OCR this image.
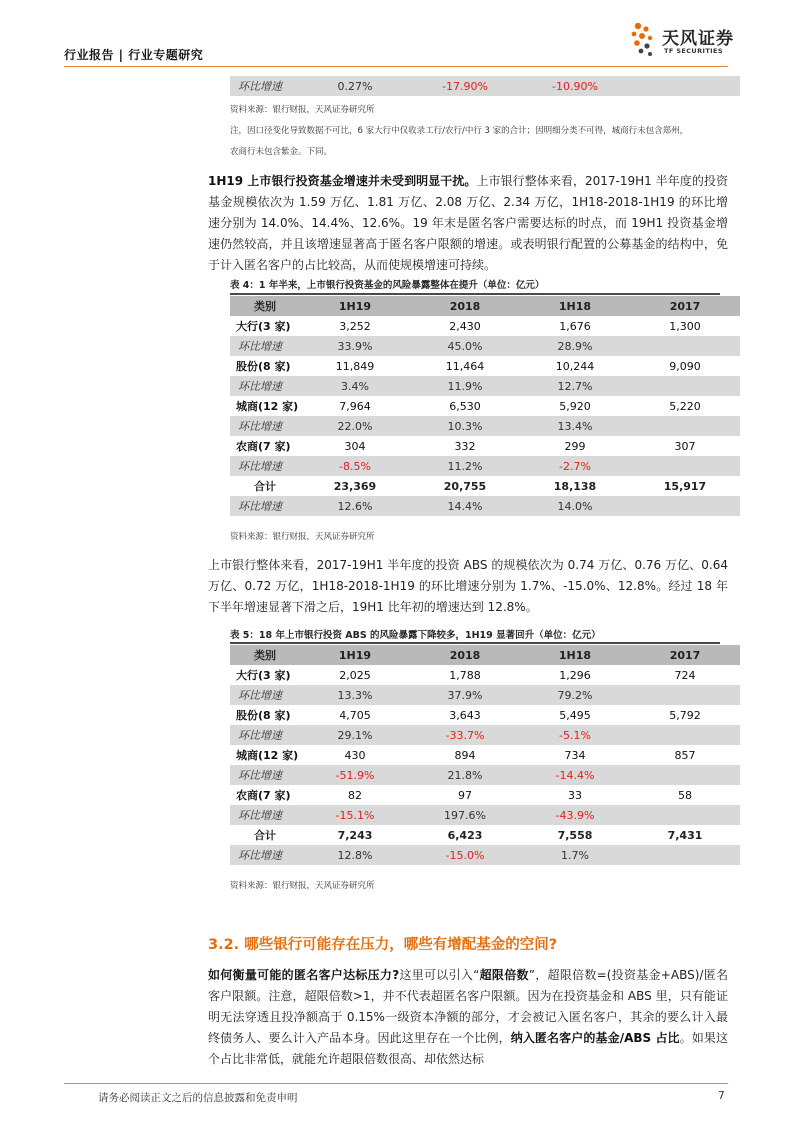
行业报告 | 行业专题研究
天风证券
TF SECURITIES
环比增速	0.27%	-17.90%	-10.90%	
资料来源：银行财报，天风证券研究所
注，因口径变化导致数据不可比，6 家大行中仅收录工行/农行/中行 3 家的合计；因明细分类不可得，城商行未包含郑州，
农商行未包含紫金。下同。
1H19 上市银行投资基金增速并未受到明显干扰。上市银行整体来看，2017-19H1 半年度的投资基金规模依次为 1.59 万亿、1.81 万亿、2.08 万亿、2.34 万亿，1H18-2018-1H19 的环比增速分别为 14.0%、14.4%、12.6%。19 年末是匿名客户需要达标的时点，而 19H1 投资基金增速仍然较高，并且该增速显著高于匿名客户限额的增速。或表明银行配置的公募基金的结构中，免于计入匿名客户的占比较高，从而使规模增速可持续。
表 4：1 年半来，上市银行投资基金的风险暴露整体在提升（单位：亿元）
类别	1H19	2018	1H18	2017
大行(3 家)	3,252	2,430	1,676	1,300
环比增速	33.9%	45.0%	28.9%	
股份(8 家)	11,849	11,464	10,244	9,090
环比增速	3.4%	11.9%	12.7%	
城商(12 家)	7,964	6,530	5,920	5,220
环比增速	22.0%	10.3%	13.4%	
农商(7 家)	304	332	299	307
环比增速	-8.5%	11.2%	-2.7%	
合计	23,369	20,755	18,138	15,917
环比增速	12.6%	14.4%	14.0%	
资料来源：银行财报，天风证券研究所
上市银行整体来看，2017-19H1 半年度的投资 ABS 的规模依次为 0.74 万亿、0.76 万亿、0.64 万亿、0.72 万亿，1H18-2018-1H19 的环比增速分别为 1.7%、-15.0%、12.8%。经过 18 年下半年增速显著下滑之后，19H1 比年初的增速达到 12.8%。
表 5：18 年上市银行投资 ABS 的风险暴露下降较多，1H19 显著回升（单位：亿元）
类别	1H19	2018	1H18	2017
大行(3 家)	2,025	1,788	1,296	724
环比增速	13.3%	37.9%	79.2%	
股份(8 家)	4,705	3,643	5,495	5,792
环比增速	29.1%	-33.7%	-5.1%	
城商(12 家)	430	894	734	857
环比增速	-51.9%	21.8%	-14.4%	
农商(7 家)	82	97	33	58
环比增速	-15.1%	197.6%	-43.9%	
合计	7,243	6,423	7,558	7,431
环比增速	12.8%	-15.0%	1.7%	
资料来源：银行财报，天风证券研究所
3.2. 哪些银行可能存在压力，哪些有增配基金的空间?
如何衡量可能的匿名客户达标压力?这里可以引入“超限倍数”，超限倍数=(投资基金+ABS)/匿名客户限额。注意，超限倍数>1，并不代表超匿名客户限额。因为在投资基金和 ABS 里，只有能证明无法穿透且投净额高于 0.15%一级资本净额的部分，才会被记入匿名客户，其余的要么计入最终债务人、要么计入产品本身。因此这里存在一个比例，纳入匿名客户的基金/ABS 占比。如果这个占比非常低，就能允许超限倍数很高、却依然达标
请务必阅读正文之后的信息披露和免责申明	7
